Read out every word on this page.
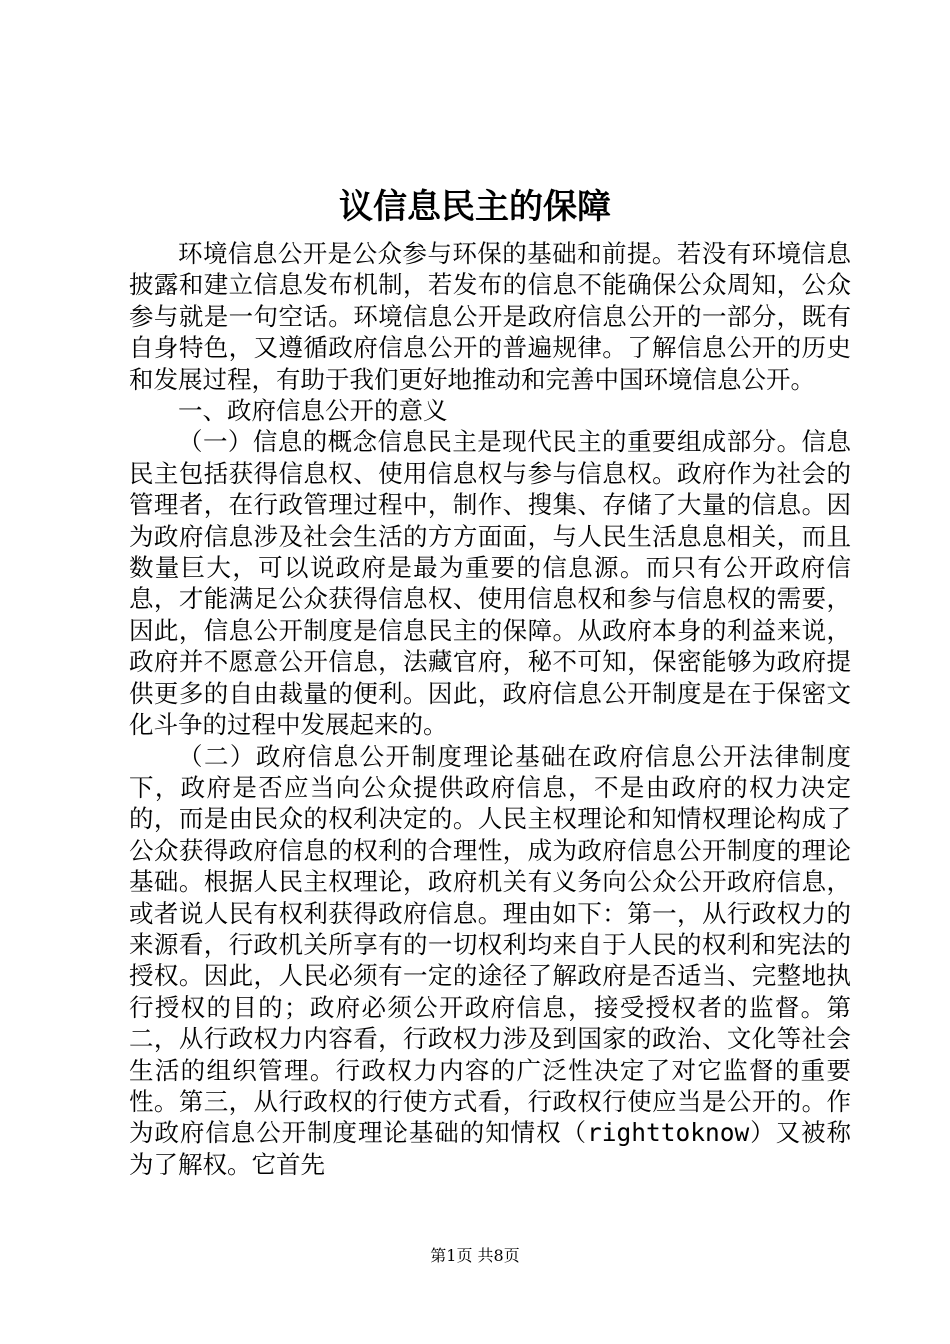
议信息民主的保障

环境信息公开是公众参与环保的基础和前提。若没有环境信息披露和建立信息发布机制，若发布的信息不能确保公众周知，公众参与就是一句空话。环境信息公开是政府信息公开的一部分，既有自身特色，又遵循政府信息公开的普遍规律。了解信息公开的历史和发展过程，有助于我们更好地推动和完善中国环境信息公开。

一、政府信息公开的意义

（一）信息的概念信息民主是现代民主的重要组成部分。信息民主包括获得信息权、使用信息权与参与信息权。政府作为社会的管理者，在行政管理过程中，制作、搜集、存储了大量的信息。因为政府信息涉及社会生活的方方面面，与人民生活息息相关，而且数量巨大，可以说政府是最为重要的信息源。而只有公开政府信息，才能满足公众获得信息权、使用信息权和参与信息权的需要，因此，信息公开制度是信息民主的保障。从政府本身的利益来说，政府并不愿意公开信息，法藏官府，秘不可知，保密能够为政府提供更多的自由裁量的便利。因此，政府信息公开制度是在于保密文化斗争的过程中发展起来的。

（二）政府信息公开制度理论基础在政府信息公开法律制度下，政府是否应当向公众提供政府信息，不是由政府的权力决定的，而是由民众的权利决定的。人民主权理论和知情权理论构成了公众获得政府信息的权利的合理性，成为政府信息公开制度的理论基础。根据人民主权理论，政府机关有义务向公众公开政府信息，或者说人民有权利获得政府信息。理由如下：第一，从行政权力的来源看，行政机关所享有的一切权利均来自于人民的权利和宪法的授权。因此，人民必须有一定的途径了解政府是否适当、完整地执行授权的目的；政府必须公开政府信息，接受授权者的监督。第二，从行政权力内容看，行政权力涉及到国家的政治、文化等社会生活的组织管理。行政权力内容的广泛性决定了对它监督的重要性。第三，从行政权的行使方式看，行政权行使应当是公开的。作为政府信息公开制度理论基础的知情权（righttoknow）又被称为了解权。它首先

第1页 共8页
